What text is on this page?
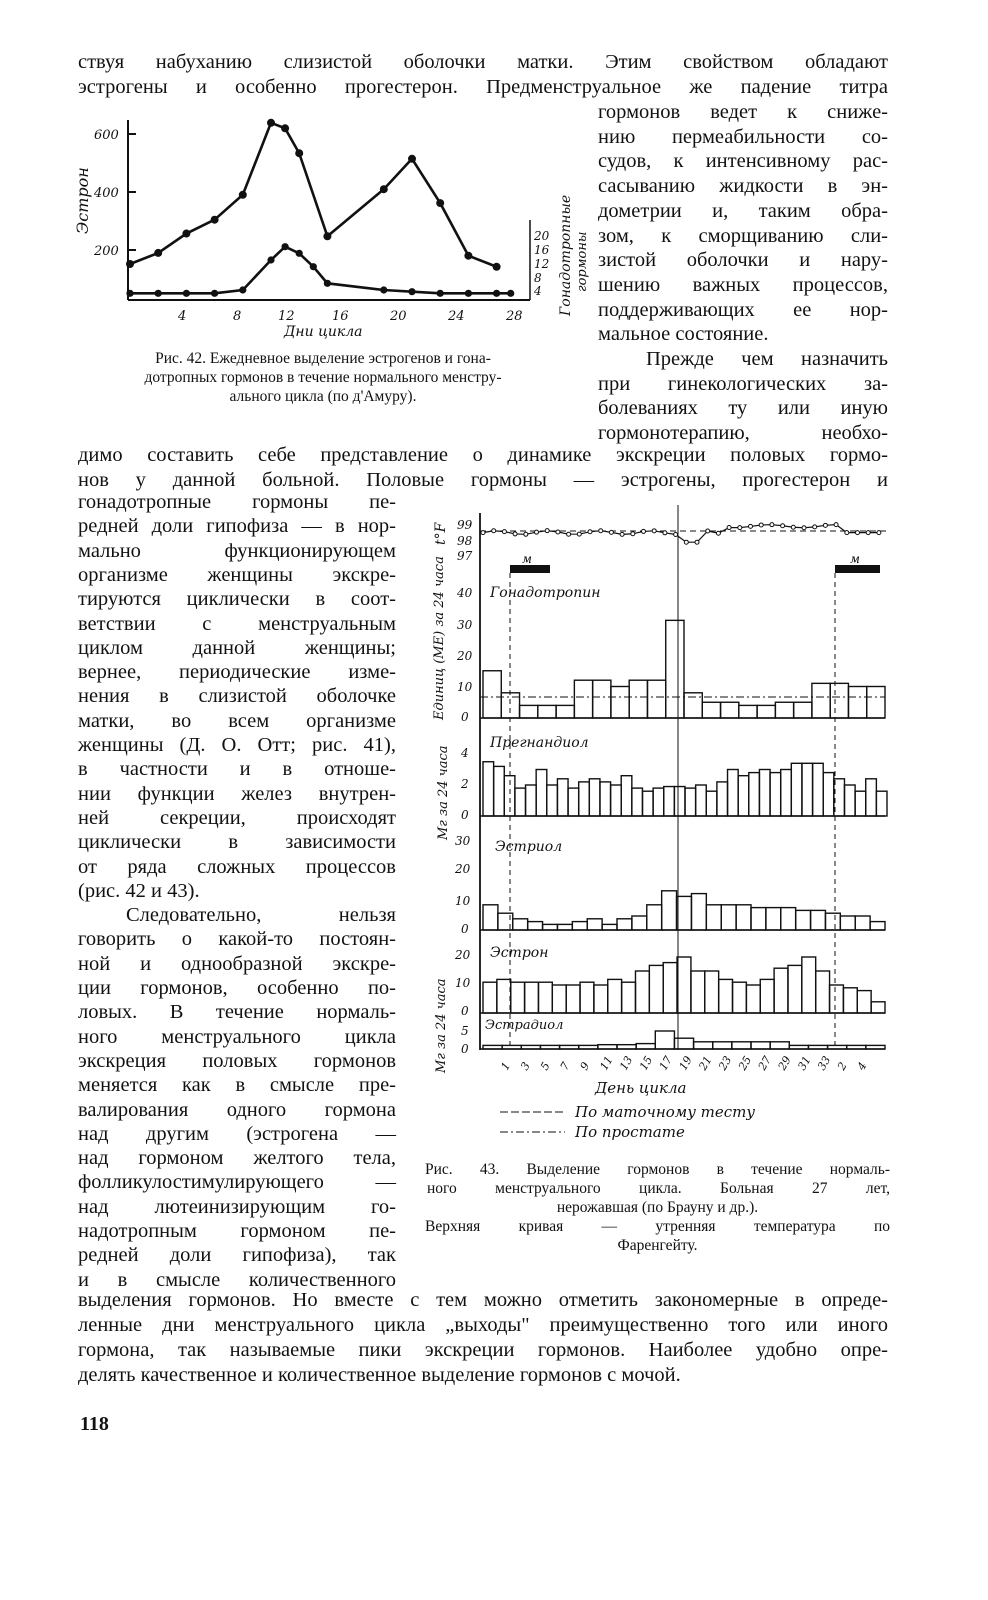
ствуя набуханию слизистой оболочки матки. Этим свойством обладают
эстрогены и особенно прогестерон. Предменструальное же падение титра
гормонов ведет к сниже-
нию пермеабильности со-
судов, к интенсивному рас-
сасыванию жидкости в эн-
дометрии и, таким обра-
зом, к сморщиванию сли-
зистой оболочки и нару-
шению важных процессов,
поддерживающих ее нор-
мальное состояние.
Прежде чем назначить
при гинекологических за-
болеваниях ту или иную
гормонотерапию, необхо-
димо составить себе представление о динамике экскреции половых гормо-
нов у данной больной. Половые гормоны — эстрогены, прогестерон и
гонадотропные гормоны пе-
редней доли гипофиза — в нор-
мально функционирующем
организме женщины экскре-
тируются циклически в соот-
ветствии с менструальным
циклом данной женщины;
вернее, периодические изме-
нения в слизистой оболочке
матки, во всем организме
женщины (Д. О. Отт; рис. 41),
в частности и в отноше-
нии функции желез внутрен-
ней секреции, происходят
циклически в зависимости
от ряда сложных процессов
(рис. 42 и 43).
Следовательно, нельзя
говорить о какой-то постоян-
ной и однообразной экскре-
ции гормонов, особенно по-
ловых. В течение нормаль-
ного менструального цикла
экскреция половых гормонов
меняется как в смысле пре-
валирования одного гормона
над другим (эстрогена —
над гормоном желтого тела,
фолликулостимулирующего —
над лютеинизирующим го-
надотропным гормоном пе-
редней доли гипофиза), так
и в смысле количественного
выделения гормонов. Но вместе с тем можно отметить закономерные в опреде-
ленные дни менструального цикла „выходы" преимущественно того или иного
гормона, так называемые пики экскреции гормонов. Наиболее удобно опре-
делять качественное и количественное выделение гормонов с мочой.
600
400
200
Эстрон
4	8	12	16	20	24	28
Дни цикла
20
16
12
8
4 Гонадотропные гормоны
Рис. 42. Ежедневное выделение эстрогенов и гона-
дотропных гормонов в течение нормального менстру-
ального цикла (по д'Амуру).
t°F 99
98
97	м	м
Гонадотропин
Единиц (МЕ) за 24 часа 40
30
20
10
0
Прегнандиол
Мг за 24 часа 4
2
0
Эстриол
30
20
10
0
Эстрон
Мг за 24 часа
20
10
0
Эстрадиол
5
0
1 3 5 7 9 11 13 15 17 19 21 23 25 27 29 31 33 2 4
День цикла
По маточному тесту
По простате
Рис. 43. Выделение гормонов в течение нормаль-
ного менструального цикла. Больная 27 лет,
нерожавшая (по Брауну и др.).
Верхняя кривая — утренняя температура по
Фаренгейту.
118
